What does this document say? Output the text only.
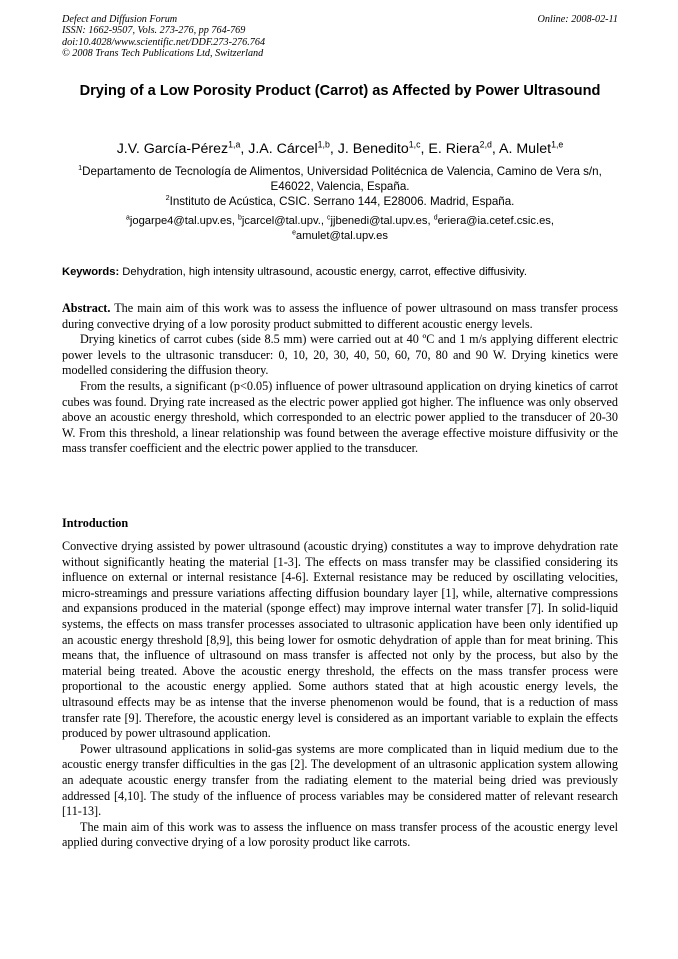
Defect and Diffusion Forum	Online: 2008-02-11
ISSN: 1662-9507, Vols. 273-276, pp 764-769
doi:10.4028/www.scientific.net/DDF.273-276.764
© 2008 Trans Tech Publications Ltd, Switzerland
Drying of a Low Porosity Product (Carrot) as Affected by Power Ultrasound
J.V. García-Pérez$^{1,a}$, J.A. Cárcel$^{1,b}$, J. Benedito$^{1,c}$, E. Riera$^{2,d}$, A. Mulet$^{1,e}$
$^1$Departamento de Tecnología de Alimentos, Universidad Politécnica de Valencia, Camino de Vera s/n, E46022, Valencia, España.
$^2$Instituto de Acústica, CSIC. Serrano 144, E28006. Madrid, España.
$^a$jogarpe4@tal.upv.es, $^b$jcarcel@tal.upv., $^c$jjbenedi@tal.upv.es, $^d$eriera@ia.cetef.csic.es,
$^e$amulet@tal.upv.es
Keywords: Dehydration, high intensity ultrasound, acoustic energy, carrot, effective diffusivity.

Abstract. The main aim of this work was to assess the influence of power ultrasound on mass transfer process during convective drying of a low porosity product submitted to different acoustic energy levels.

Drying kinetics of carrot cubes (side 8.5 mm) were carried out at 40 ºC and 1 m/s applying different electric power levels to the ultrasonic transducer: 0, 10, 20, 30, 40, 50, 60, 70, 80 and 90 W. Drying kinetics were modelled considering the diffusion theory.

From the results, a significant (p<0.05) influence of power ultrasound application on drying kinetics of carrot cubes was found. Drying rate increased as the electric power applied got higher. The influence was only observed above an acoustic energy threshold, which corresponded to an electric power applied to the transducer of 20-30 W. From this threshold, a linear relationship was found between the average effective moisture diffusivity or the mass transfer coefficient and the electric power applied to the transducer.

Introduction

Convective drying assisted by power ultrasound (acoustic drying) constitutes a way to improve dehydration rate without significantly heating the material [1-3]. The effects on mass transfer may be classified considering its influence on external or internal resistance [4-6]. External resistance may be reduced by oscillating velocities, micro-streamings and pressure variations affecting diffusion boundary layer [1], while, alternative compressions and expansions produced in the material (sponge effect) may improve internal water transfer [7]. In solid-liquid systems, the effects on mass transfer processes associated to ultrasonic application have been only identified up an acoustic energy threshold [8,9], this being lower for osmotic dehydration of apple than for meat brining. This means that, the influence of ultrasound on mass transfer is affected not only by the process, but also by the material being treated. Above the acoustic energy threshold, the effects on the mass transfer process were proportional to the acoustic energy applied. Some authors stated that at high acoustic energy levels, the ultrasound effects may be as intense that the inverse phenomenon would be found, that is a reduction of mass transfer rate [9]. Therefore, the acoustic energy level is considered as an important variable to explain the effects produced by power ultrasound application.

Power ultrasound applications in solid-gas systems are more complicated than in liquid medium due to the acoustic energy transfer difficulties in the gas [2]. The development of an ultrasonic application system allowing an adequate acoustic energy transfer from the radiating element to the material being dried was previously addressed [4,10]. The study of the influence of process variables may be considered matter of relevant research [11-13].

The main aim of this work was to assess the influence on mass transfer process of the acoustic energy level applied during convective drying of a low porosity product like carrots.
